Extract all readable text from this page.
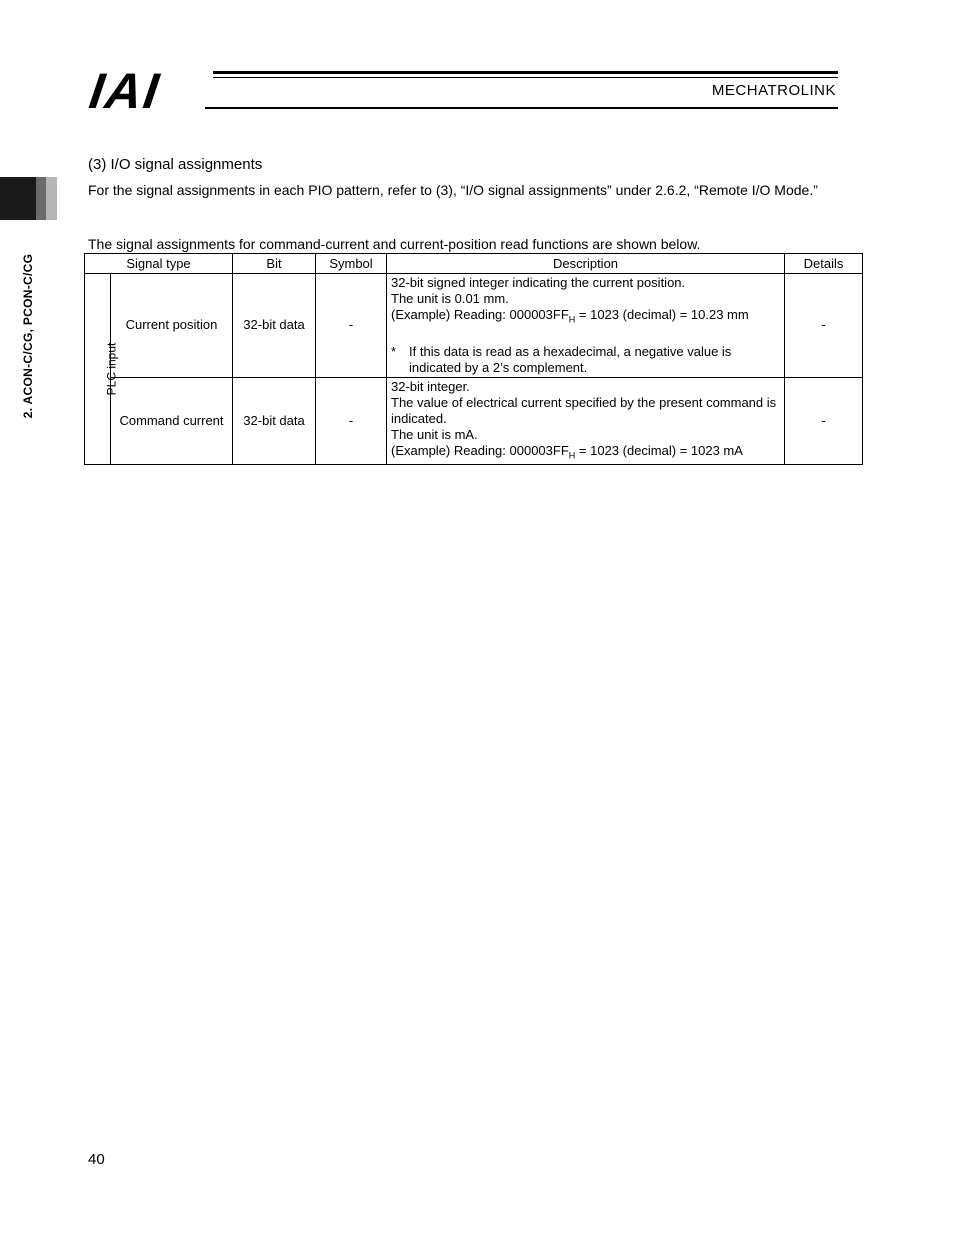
IAI	MECHATROLINK
2. ACON-C/CG, PCON-C/CG
(3) I/O signal assignments
For the signal assignments in each PIO pattern, refer to (3), “I/O signal assignments” under 2.6.2, “Remote I/O Mode.”
The signal assignments for command-current and current-position read functions are shown below.
Signal type		Bit	Symbol	Description	Details
PLC input	Current position	32-bit data	-	32-bit signed integer indicating the current position.
The unit is 0.01 mm.
(Example) Reading: $000003FF_H = 1023$ (decimal) = 10.23 mm
* If this data is read as a hexadecimal, a negative value is indicated by a 2’s complement.	-
	Command current	32-bit data	-	32-bit integer.
The value of electrical current specified by the present command is indicated.
The unit is mA.
(Example) Reading: $000003FF_H = 1023$ (decimal) = 1023 mA	-
40
